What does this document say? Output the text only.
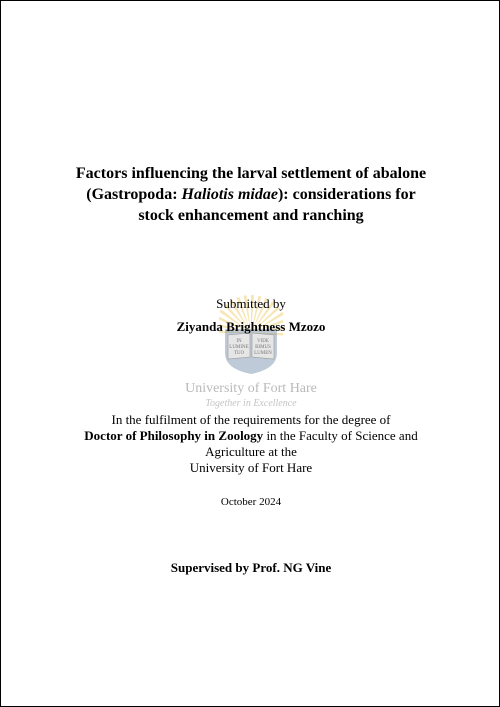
Factors influencing the larval settlement of abalone
(Gastropoda: Haliotis midae): considerations for
stock enhancement and ranching
IN
LUMINE
TUO
VIDE
BIMUS
LUMEN
University of Fort Hare
Together in Excellence
Submitted by
Ziyanda Brightness Mzozo
In the fulfilment of the requirements for the degree of
Doctor of Philosophy in Zoology in the Faculty of Science and
Agriculture at the
University of Fort Hare
October 2024
Supervised by Prof. NG Vine
